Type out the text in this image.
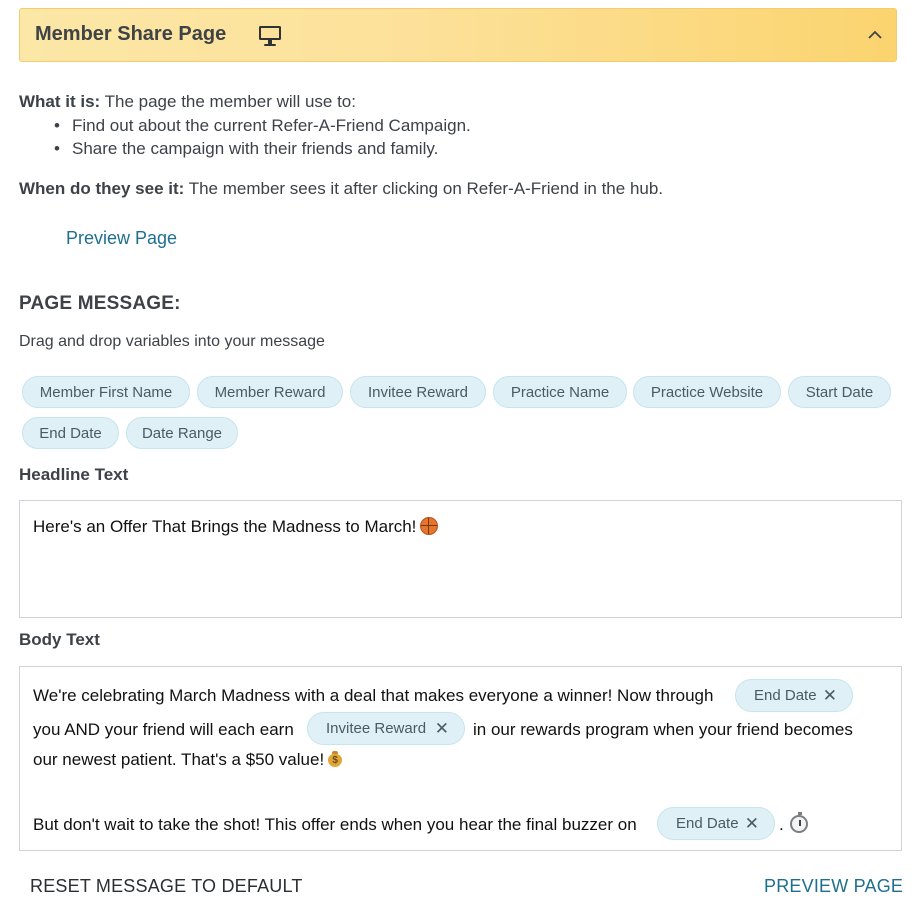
Member Share Page
What it is: The page the member will use to:
• Find out about the current Refer-A-Friend Campaign.
• Share the campaign with their friends and family.
When do they see it: The member sees it after clicking on Refer-A-Friend in the hub.
Preview Page
PAGE MESSAGE:
Drag and drop variables into your message
Member First Name	Member Reward	Invitee Reward	Practice Name	Practice Website	Start Date
End Date	Date Range
Headline Text
Here's an Offer That Brings the Madness to March!
Body Text
We're celebrating March Madness with a deal that makes everyone a winner! Now through	End Date ✕
you AND your friend will each earn	Invitee Reward ✕ in our rewards program when your friend becomes
our newest patient. That's a $50 value!$
But don't wait to take the shot! This offer ends when you hear the final buzzer on	End Date ✕ .
RESET MESSAGE TO DEFAULT	PREVIEW PAGE
